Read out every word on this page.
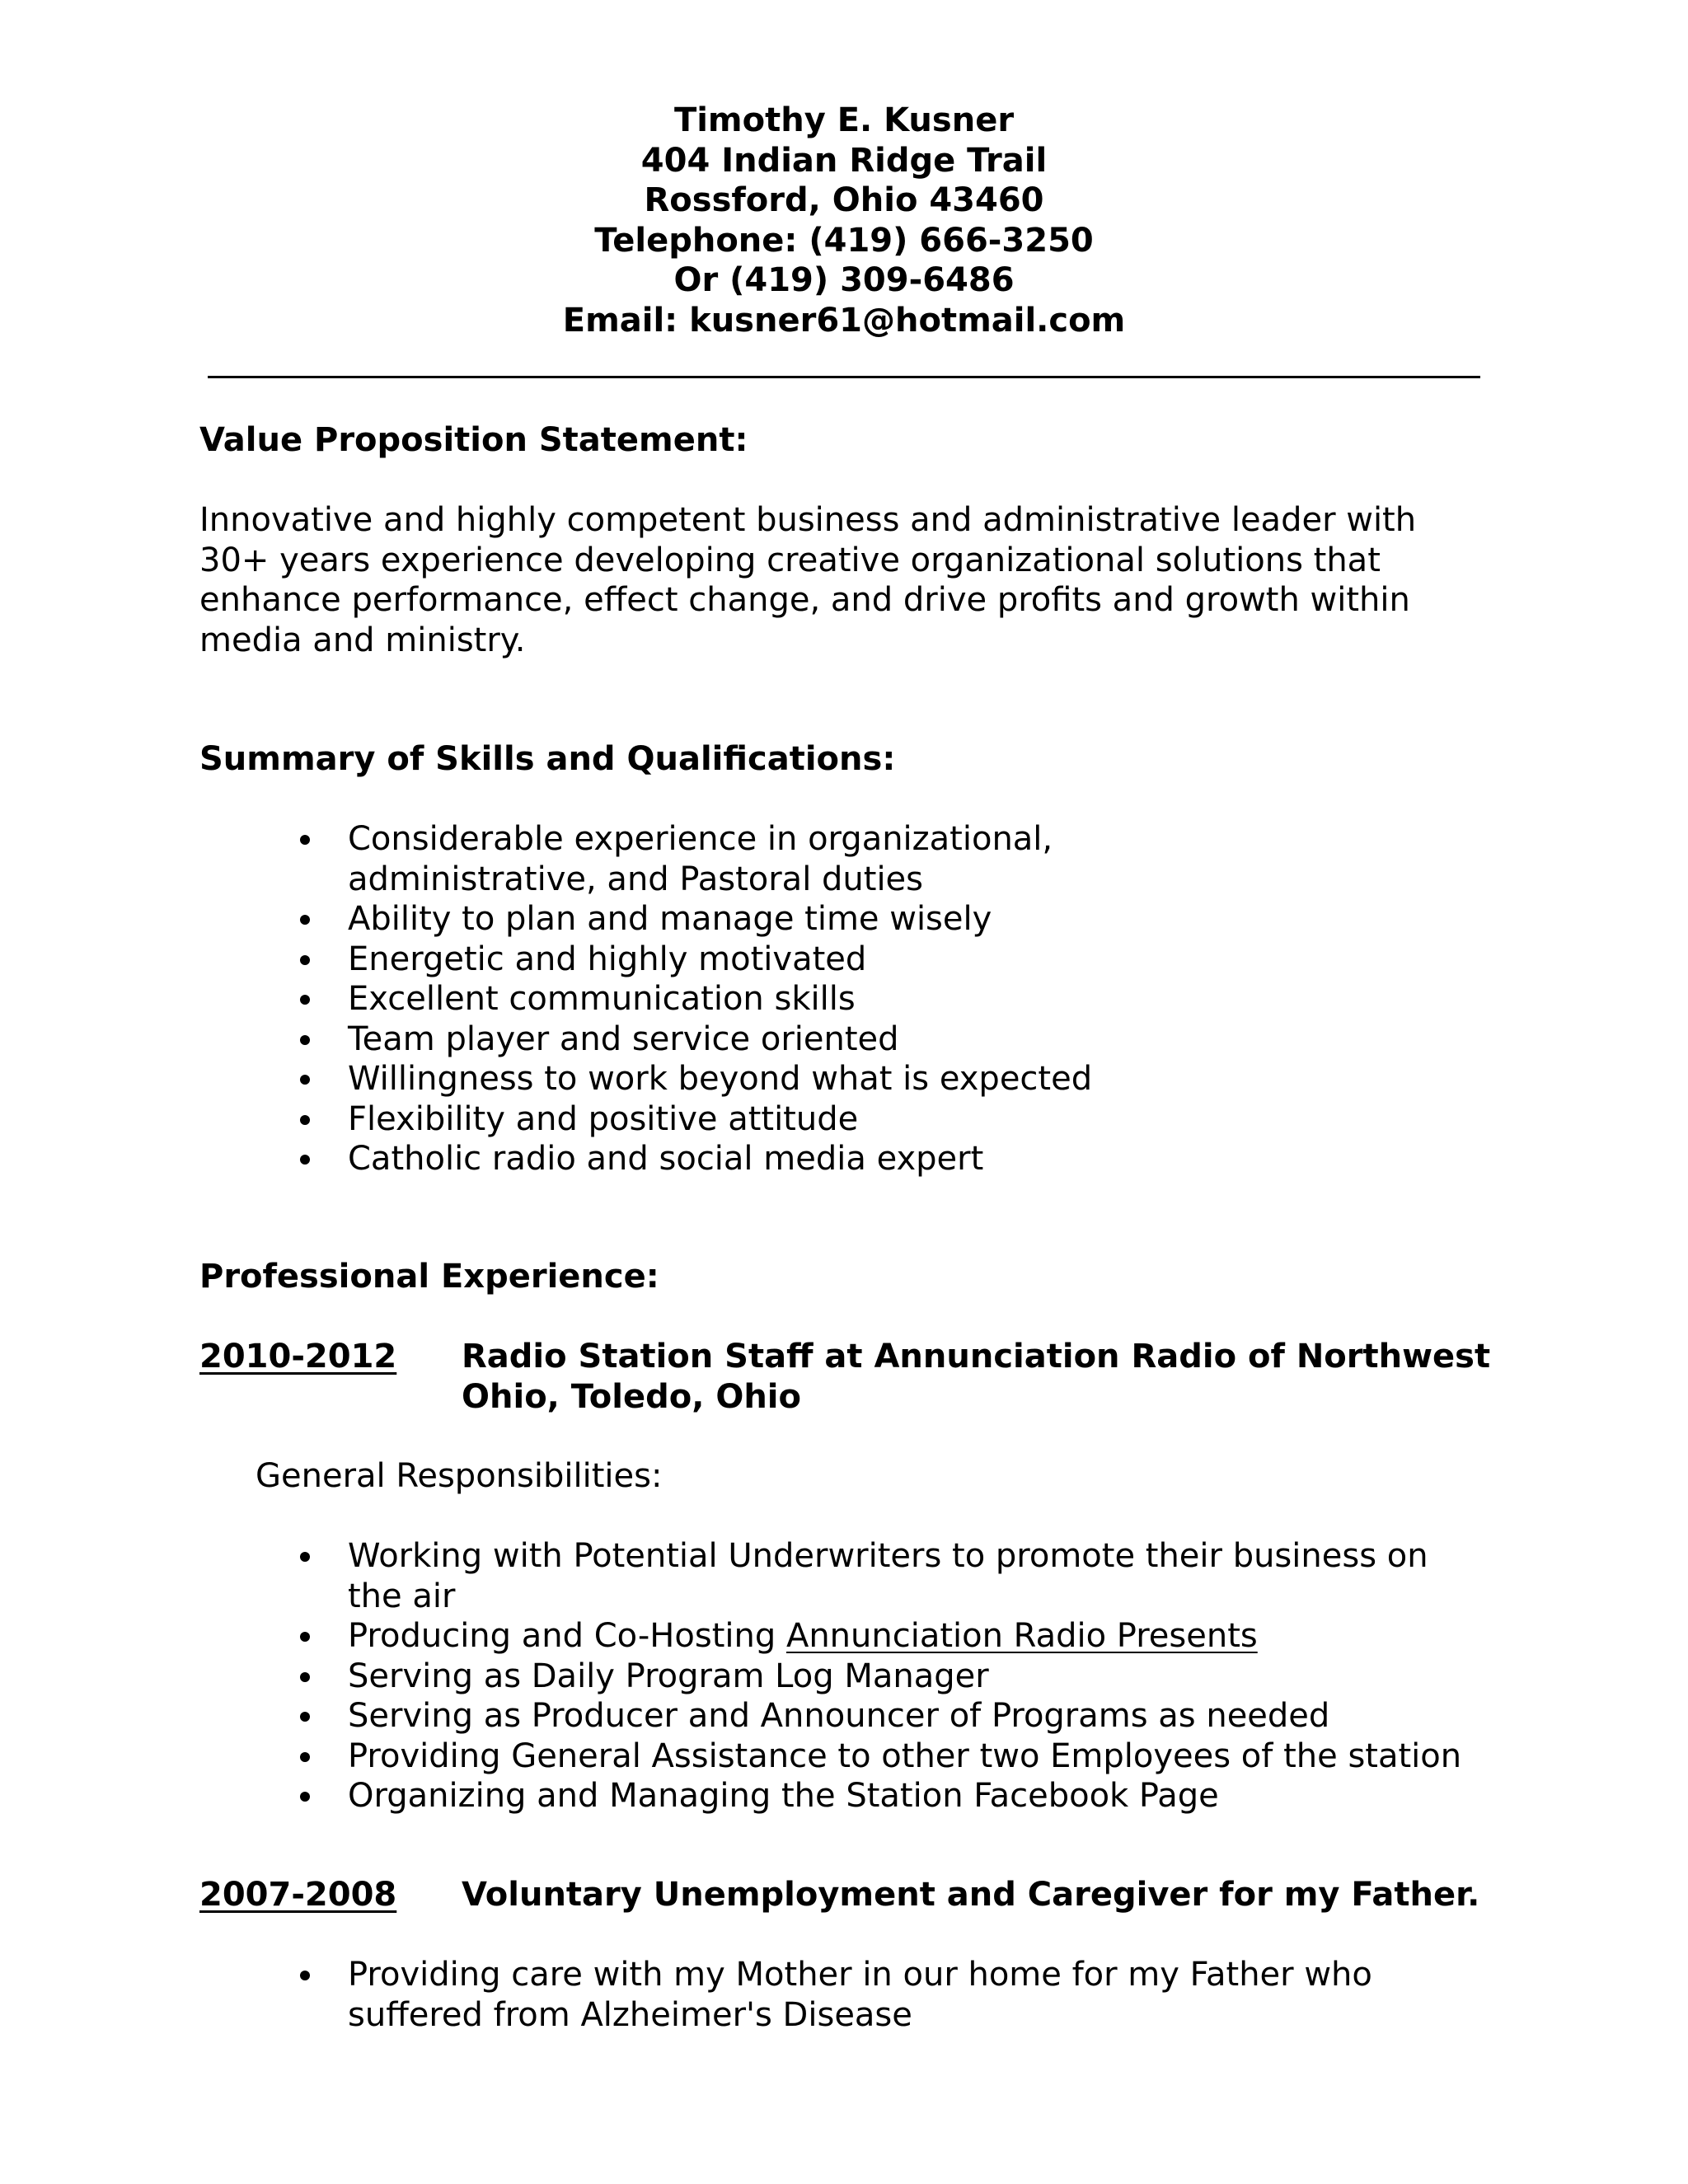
Timothy E. Kusner
404 Indian Ridge Trail
Rossford, Ohio 43460
Telephone: (419) 666-3250
Or (419) 309-6486
Email: kusner61@hotmail.com
Value Proposition Statement:
Innovative and highly competent business and administrative leader with
30+ years experience developing creative organizational solutions that
enhance performance, effect change, and drive profits and growth within
media and ministry.
Summary of Skills and Qualifications:
Considerable experience in organizational,
administrative, and Pastoral duties
Ability to plan and manage time wisely
Energetic and highly motivated
Excellent communication skills
Team player and service oriented
Willingness to work beyond what is expected
Flexibility and positive attitude
Catholic radio and social media expert
Professional Experience:
2010-2012 Radio Station Staff at Annunciation Radio of Northwest
Ohio, Toledo, Ohio
General Responsibilities:
Working with Potential Underwriters to promote their business on
the air
Producing and Co-Hosting Annunciation Radio Presents
Serving as Daily Program Log Manager
Serving as Producer and Announcer of Programs as needed
Providing General Assistance to other two Employees of the station
Organizing and Managing the Station Facebook Page
2007-2008 Voluntary Unemployment and Caregiver for my Father.
Providing care with my Mother in our home for my Father who
suffered from Alzheimer's Disease
